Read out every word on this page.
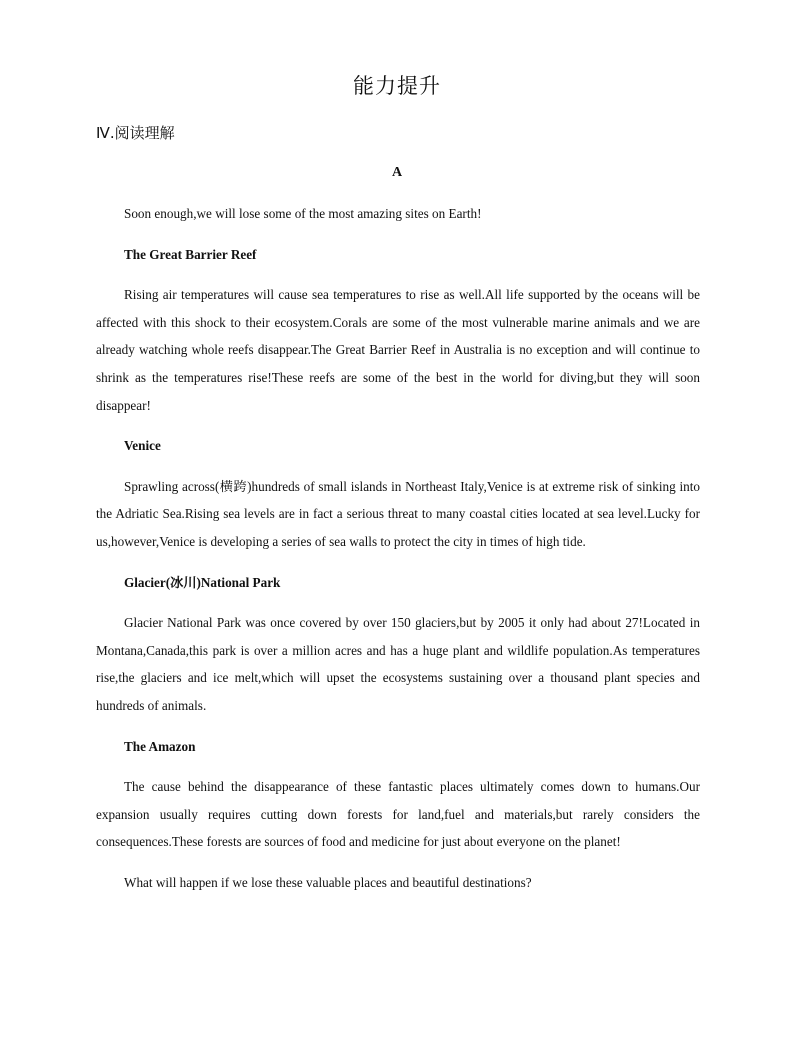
能力提升
Ⅳ.阅读理解
A

Soon enough,we will lose some of the most amazing sites on Earth!

The Great Barrier Reef

Rising air temperatures will cause sea temperatures to rise as well.All life supported by the oceans will be affected with this shock to their ecosystem.Corals are some of the most vulnerable marine animals and we are already watching whole reefs disappear.The Great Barrier Reef in Australia is no exception and will continue to shrink as the temperatures rise!These reefs are some of the best in the world for diving,but they will soon disappear!

Venice

Sprawling across(横跨)hundreds of small islands in Northeast Italy,Venice is at extreme risk of sinking into the Adriatic Sea.Rising sea levels are in fact a serious threat to many coastal cities located at sea level.Lucky for us,however,Venice is developing a series of sea walls to protect the city in times of high tide.

Glacier(冰川)National Park

Glacier National Park was once covered by over 150 glaciers,but by 2005 it only had about 27!Located in Montana,Canada,this park is over a million acres and has a huge plant and wildlife population.As temperatures rise,the glaciers and ice melt,which will upset the ecosystems sustaining over a thousand plant species and hundreds of animals.

The Amazon

The cause behind the disappearance of these fantastic places ultimately comes down to humans.Our expansion usually requires cutting down forests for land,fuel and materials,but rarely considers the consequences.These forests are sources of food and medicine for just about everyone on the planet!

What will happen if we lose these valuable places and beautiful destinations?
